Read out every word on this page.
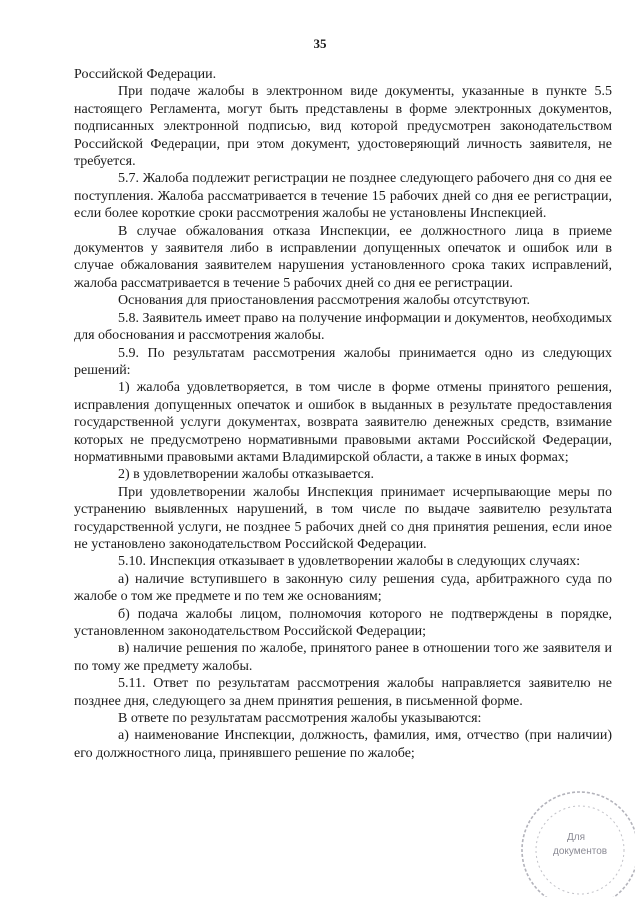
35

Российской Федерации.

При подаче жалобы в электронном виде документы, указанные в пункте 5.5 настоящего Регламента, могут быть представлены в форме электронных документов, подписанных электронной подписью, вид которой предусмотрен законодательством Российской Федерации, при этом документ, удостоверяющий личность заявителя, не требуется.

5.7. Жалоба подлежит регистрации не позднее следующего рабочего дня со дня ее поступления. Жалоба рассматривается в течение 15 рабочих дней со дня ее регистрации, если более короткие сроки рассмотрения жалобы не установлены Инспекцией.

В случае обжалования отказа Инспекции, ее должностного лица в приеме документов у заявителя либо в исправлении допущенных опечаток и ошибок или в случае обжалования заявителем нарушения установленного срока таких исправлений, жалоба рассматривается в течение 5 рабочих дней со дня ее регистрации.

Основания для приостановления рассмотрения жалобы отсутствуют.

5.8. Заявитель имеет право на получение информации и документов, необходимых для обоснования и рассмотрения жалобы.

5.9. По результатам рассмотрения жалобы принимается одно из следующих решений:

1) жалоба удовлетворяется, в том числе в форме отмены принятого решения, исправления допущенных опечаток и ошибок в выданных в результате предоставления государственной услуги документах, возврата заявителю денежных средств, взимание которых не предусмотрено нормативными правовыми актами Российской Федерации, нормативными правовыми актами Владимирской области, а также в иных формах;

2) в удовлетворении жалобы отказывается.

При удовлетворении жалобы Инспекция принимает исчерпывающие меры по устранению выявленных нарушений, в том числе по выдаче заявителю результата государственной услуги, не позднее 5 рабочих дней со дня принятия решения, если иное не установлено законодательством Российской Федерации.

5.10. Инспекция отказывает в удовлетворении жалобы в следующих случаях:

а) наличие вступившего в законную силу решения суда, арбитражного суда по жалобе о том же предмете и по тем же основаниям;

б) подача жалобы лицом, полномочия которого не подтверждены в порядке, установленном законодательством Российской Федерации;

в) наличие решения по жалобе, принятого ранее в отношении того же заявителя и по тому же предмету жалобы.

5.11. Ответ по результатам рассмотрения жалобы направляется заявителю не позднее дня, следующего за днем принятия решения, в письменной форме.

В ответе по результатам рассмотрения жалобы указываются:

а) наименование Инспекции, должность, фамилия, имя, отчество (при наличии) его должностного лица, принявшего решение по жалобе;

Для
документов
